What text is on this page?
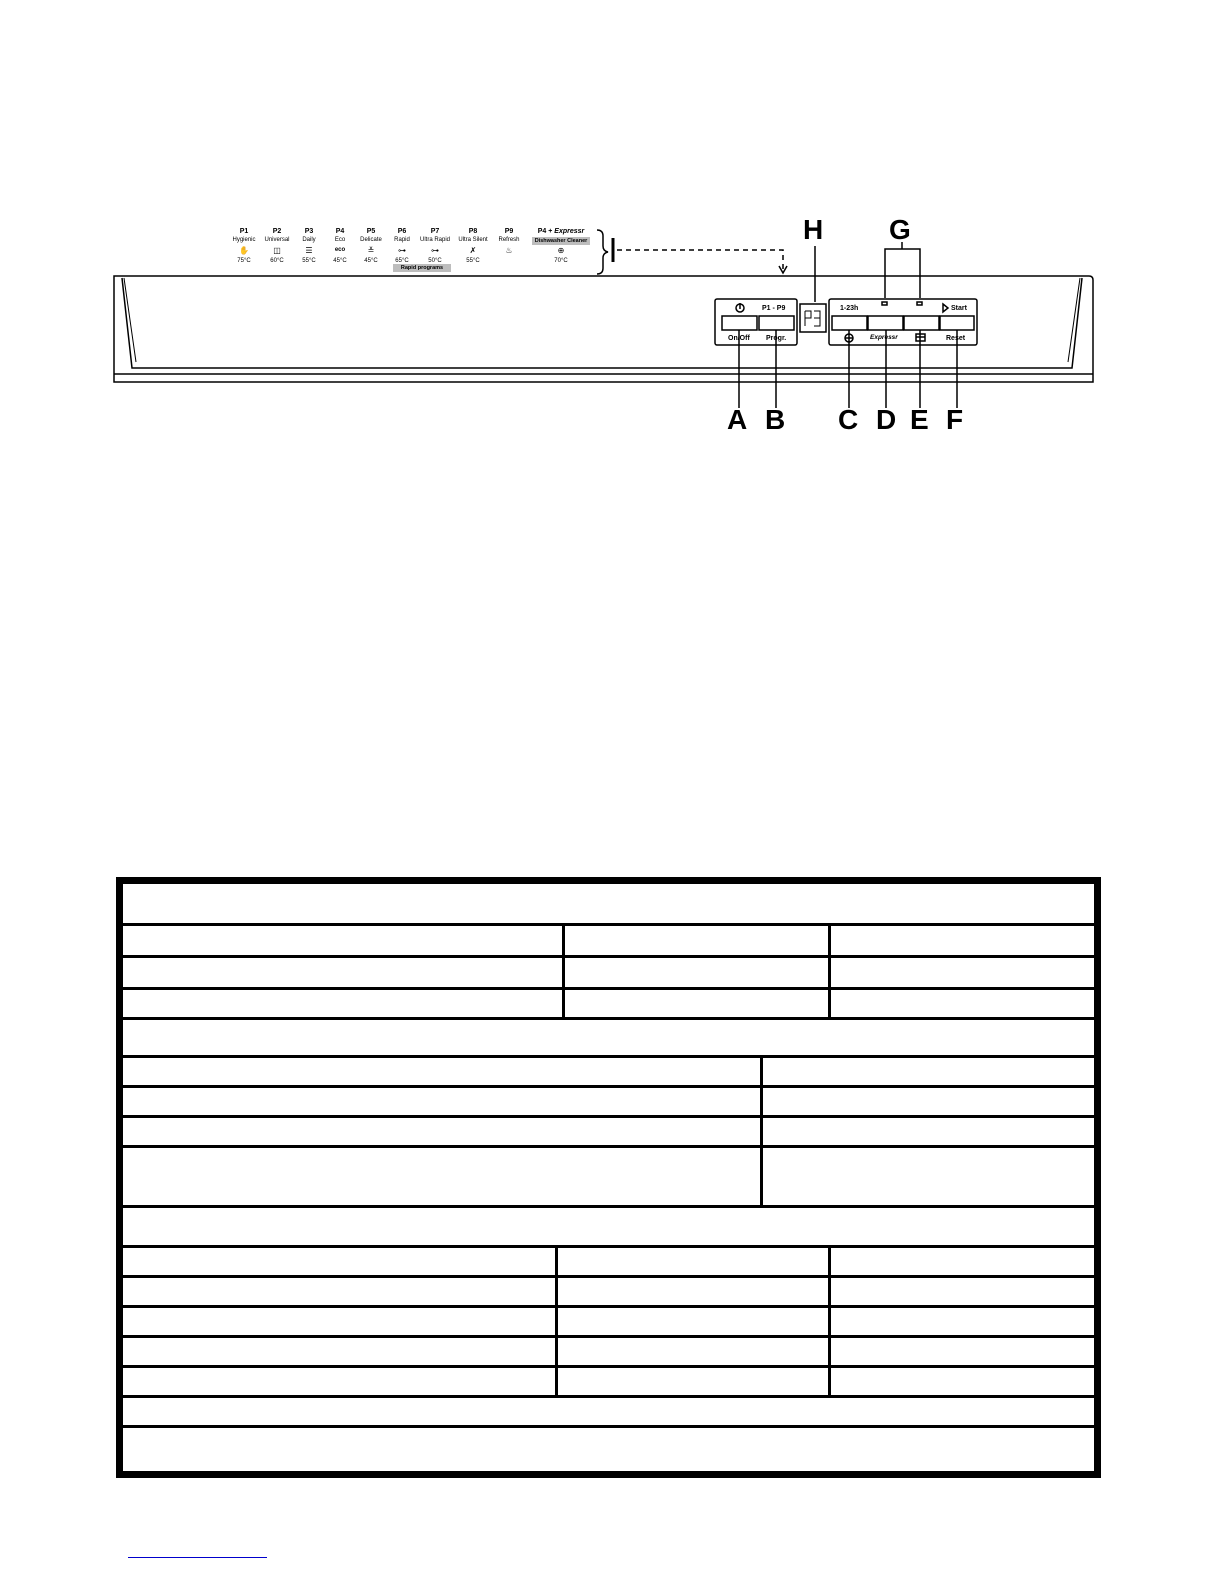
P1
Hygienic
✋
75°C
P2
Universal
◫
60°C
P3
Daily
☰
55°C
P4
Eco
eco
45°C
P5
Delicate
≚
45°C
P6
Rapid
⊶
65°C
P7
Ultra Rapid
⊶
50°C
P8
Ultra Silent
✗
55°C
P9
Refresh
♨
P4 + Expressr

⊕
70°C
Dishwasher Cleaner
Rapid programs
P1 - P9
On/Off Progr.
1-23h	Start
Reset
Expressr
H G
A B C D E F
